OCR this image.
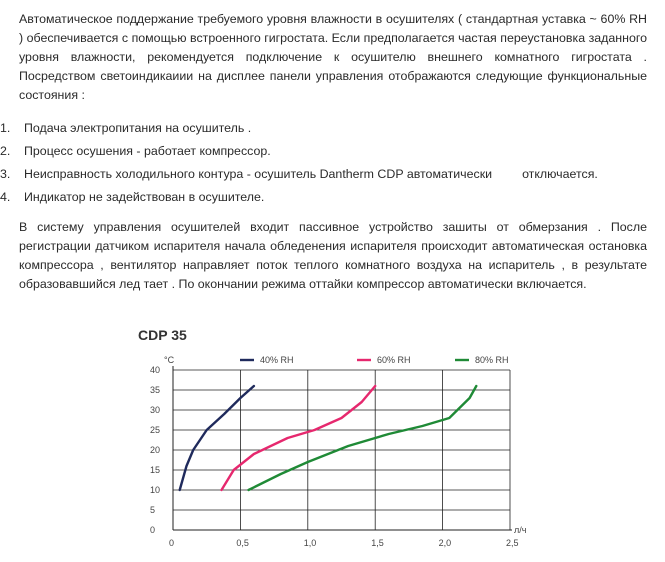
Автоматическое поддержание требуемого уровня влажности в осушителях ( стандартная уставка ~ 60% RH ) обеспечивается с помощью встроенного гигростата. Если предполагается частая переустановка заданного уровня влажности, рекомендуется подключение к осушителю внешнего комнатного гигростата . Посредством светоиндикаиии на дисплее панели управления отображаются следующие функциональные состояния :

1. Подача электропитания на осушитель .
2. Процесс осушения - работает компрессор.
3. Неисправность холодильного контура - осушитель Dantherm CDP автоматически отключается.
4. Индикатор не задействован в осушителе.

В систему управления осушителей входит пассивное устройство зашиты от обмерзания . После регистрации датчиком испарителя начала обледенения испарителя происходит автоматическая остановка компрессора , вентилятор направляет поток теплого комнатного воздуха на испаритель , в результате образовавшийся лед тает . По окончании режима оттайки компрессор автоматически включается.

CDP 35
40% RH	60% RH	80% RH
°C
л/ч
0
5
10
15
20
25
30
35
40
0	0,5	1,0	1,5	2,0	2,5
